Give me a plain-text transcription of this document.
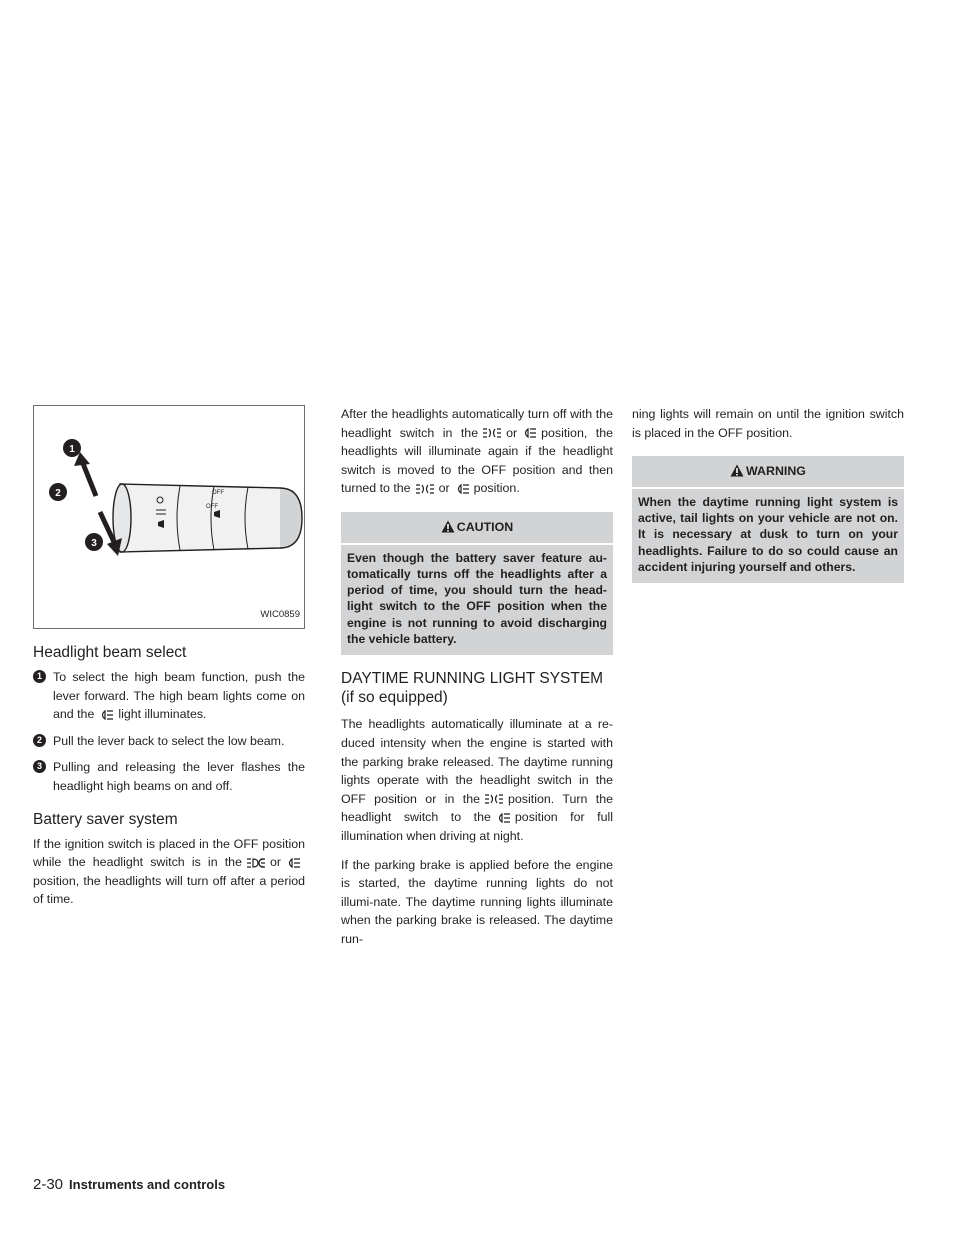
OFF
OFF
1
2
3
WIC0859
Headlight beam select
1 To select the high beam function, push the lever forward. The high beam lights come on and the light illuminates.

2 Pull the lever back to select the low beam.

3 Pulling and releasing the lever flashes the headlight high beams on and off.

Battery saver system

If the ignition switch is placed in the OFF position while the headlight switch is in the or
position, the headlights will turn off after a period of time.

After the headlights automatically turn off with the headlight switch in the or position, the headlights will illuminate again if the headlight switch is moved to the OFF position and then turned to the or position.

CAUTION
Even though the battery saver feature au-tomatically turns off the headlights after a period of time, you should turn the head-light switch to the OFF position when the engine is not running to avoid discharging the vehicle battery.
DAYTIME RUNNING LIGHT SYSTEM
(if so equipped)

The headlights automatically illuminate at a re-duced intensity when the engine is started with the parking brake released. The daytime running lights operate with the headlight switch in the OFF position or in the position. Turn the headlight switch to the position for full illumination when driving at night.

If the parking brake is applied before the engine is started, the daytime running lights do not illumi-nate. The daytime running lights illuminate when the parking brake is released. The daytime run-

ning lights will remain on until the ignition switch is placed in the OFF position.

WARNING
When the daytime running light system is active, tail lights on your vehicle are not on. It is necessary at dusk to turn on your headlights. Failure to do so could cause an accident injuring yourself and others.
2-30 Instruments and controls
